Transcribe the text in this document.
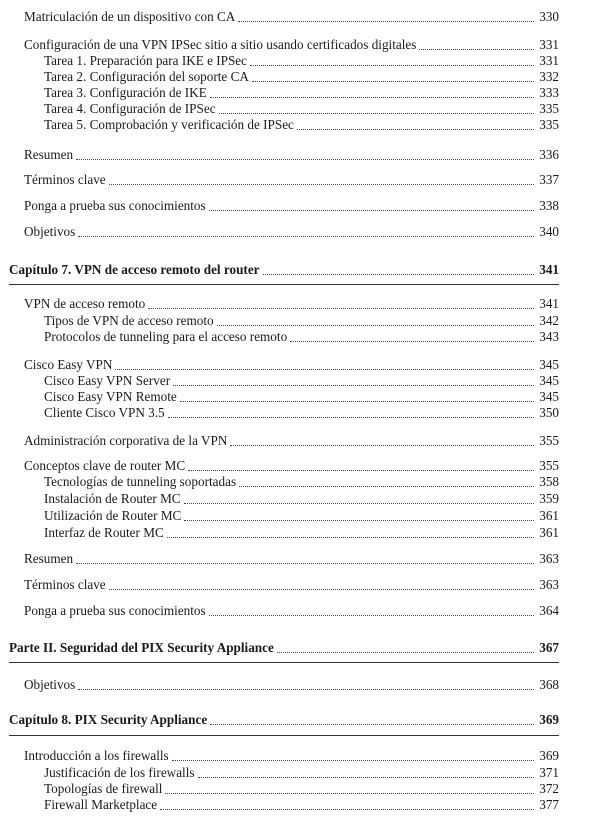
Matriculación de un dispositivo con CA	330
Configuración de una VPN IPSec sitio a sitio usando certificados digitales	331
Tarea 1. Preparación para IKE e IPSec	331
Tarea 2. Configuración del soporte CA	332
Tarea 3. Configuración de IKE	333
Tarea 4. Configuración de IPSec	335
Tarea 5. Comprobación y verificación de IPSec	335
Resumen	336
Términos clave	337
Ponga a prueba sus conocimientos	338
Objetivos	340
Capítulo 7. VPN de acceso remoto del router	341
VPN de acceso remoto	341
Tipos de VPN de acceso remoto	342
Protocolos de tunneling para el acceso remoto	343
Cisco Easy VPN	345
Cisco Easy VPN Server	345
Cisco Easy VPN Remote	345
Cliente Cisco VPN 3.5	350
Administración corporativa de la VPN	355
Conceptos clave de router MC	355
Tecnologías de tunneling soportadas	358
Instalación de Router MC	359
Utilización de Router MC	361
Interfaz de Router MC	361
Resumen	363
Términos clave	363
Ponga a prueba sus conocimientos	364
Parte II. Seguridad del PIX Security Appliance	367
Objetivos	368
Capítulo 8. PIX Security Appliance	369
Introducción a los firewalls	369
Justificación de los firewalls	371
Topologías de firewall	372
Firewall Marketplace	377
